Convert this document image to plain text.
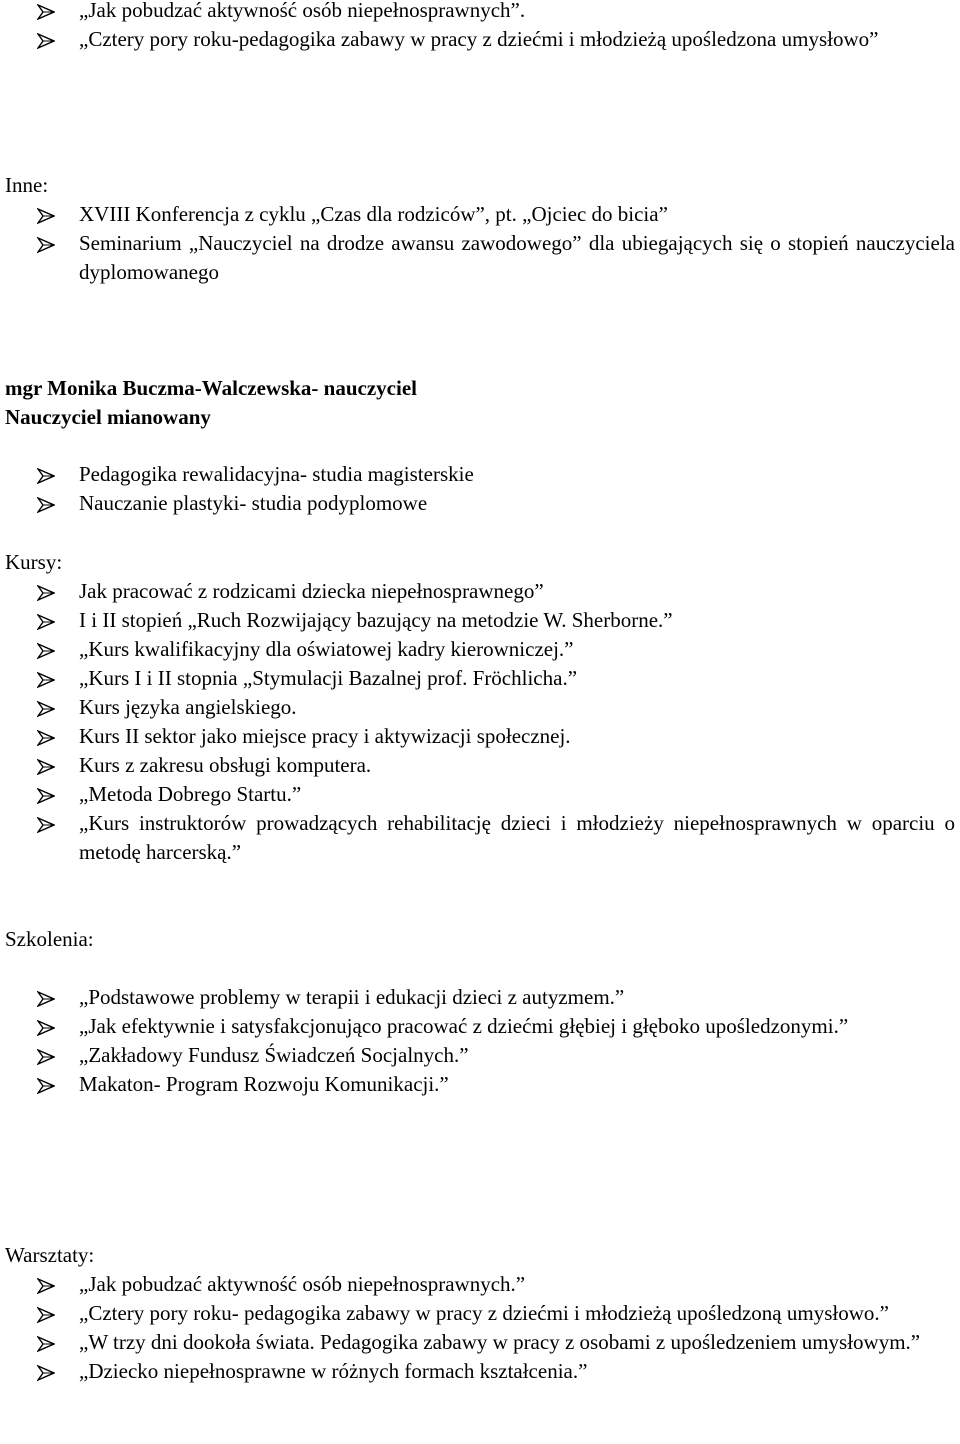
„Jak pobudzać aktywność osób niepełnosprawnych”.
„Cztery pory roku-pedagogika zabawy w pracy z dziećmi i młodzieżą upośledzona umysłowo”
Inne:
XVIII Konferencja z cyklu „Czas dla rodziców”, pt. „Ojciec do bicia”
Seminarium „Nauczyciel na drodze awansu zawodowego” dla ubiegających się o stopień nauczyciela dyplomowanego
mgr Monika Buczma-Walczewska- nauczyciel
Nauczyciel mianowany
Pedagogika rewalidacyjna- studia magisterskie
Nauczanie plastyki- studia podyplomowe
Kursy:
Jak pracować z rodzicami dziecka niepełnosprawnego”
I i II stopień „Ruch Rozwijający bazujący na metodzie W. Sherborne.”
„Kurs kwalifikacyjny dla oświatowej kadry kierowniczej.”
„Kurs I i II stopnia „Stymulacji Bazalnej prof. Fröchlicha.”
Kurs języka angielskiego.
Kurs II sektor jako miejsce pracy i aktywizacji społecznej.
Kurs z zakresu obsługi komputera.
„Metoda Dobrego Startu.”
„Kurs instruktorów prowadzących rehabilitację dzieci i młodzieży niepełnosprawnych w oparciu o metodę harcerską.”
Szkolenia:
„Podstawowe problemy w terapii i edukacji dzieci z autyzmem.”
„Jak efektywnie i satysfakcjonująco pracować z dziećmi głębiej i głęboko upośledzonymi.”
„Zakładowy Fundusz Świadczeń Socjalnych.”
Makaton- Program Rozwoju Komunikacji.”
Warsztaty:
„Jak pobudzać aktywność osób niepełnosprawnych.”
„Cztery pory roku- pedagogika zabawy w pracy z dziećmi i młodzieżą upośledzoną umysłowo.”
„W trzy dni dookoła świata. Pedagogika zabawy w pracy z osobami z upośledzeniem umysłowym.”
„Dziecko niepełnosprawne w różnych formach kształcenia.”
